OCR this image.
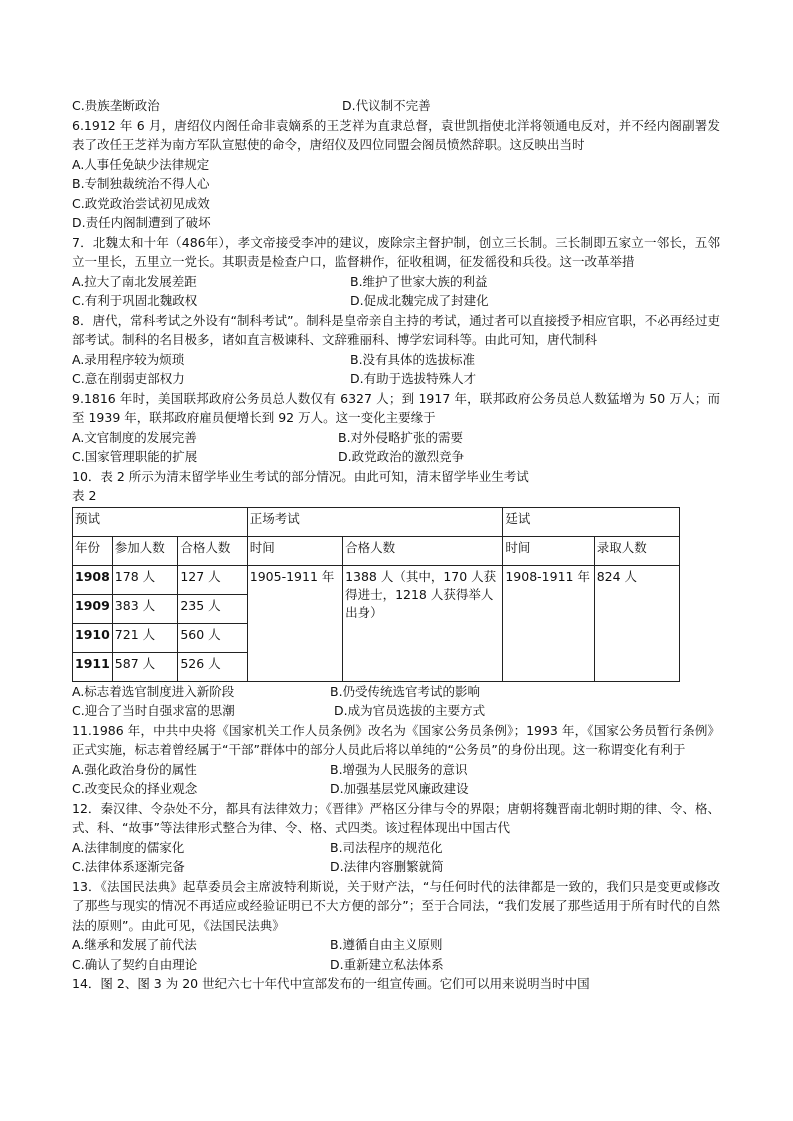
C.贵族垄断政治	D.代议制不完善
6.1912 年 6 月，唐绍仪内阁任命非袁嫡系的王芝祥为直隶总督，袁世凯指使北洋将领通电反对，并不经内阁副署发表了改任王芝祥为南方军队宣慰使的命令，唐绍仪及四位同盟会阁员愤然辞职。这反映出当时
A.人事任免缺少法律规定
B.专制独裁统治不得人心
C.政党政治尝试初见成效
D.责任内阁制遭到了破坏
7．北魏太和十年（486年），孝文帝接受李冲的建议，废除宗主督护制，创立三长制。三长制即五家立一邻长，五邻立一里长，五里立一党长。其职责是检查户口，监督耕作，征收租调，征发徭役和兵役。这一改革举措
A.拉大了南北发展差距	B.维护了世家大族的利益
C.有利于巩固北魏政权	D.促成北魏完成了封建化
8．唐代，常科考试之外设有“制科考试”。制科是皇帝亲自主持的考试，通过者可以直接授予相应官职，不必再经过吏部考试。制科的名目极多，诸如直言极谏科、文辞雅丽科、博学宏词科等。由此可知，唐代制科
A.录用程序较为烦琐	B.没有具体的选拔标准
C.意在削弱吏部权力	D.有助于选拔特殊人才
9.1816 年时，美国联邦政府公务员总人数仅有 6327 人；到 1917 年，联邦政府公务员总人数猛增为 50 万人；而至 1939 年，联邦政府雇员便增长到 92 万人。这一变化主要缘于
A.文官制度的发展完善	B.对外侵略扩张的需要
C.国家管理职能的扩展	D.政党政治的激烈竞争
10．表 2 所示为清末留学毕业生考试的部分情况。由此可知，清末留学毕业生考试
表 2
预试			正场考试		廷试	
年份	参加人数	合格人数	时间	合格人数	时间	录取人数
1908	178 人	127 人	1905-1911 年	1388 人（其中，170 人获得进士，1218 人获得举人出身）	1908-1911 年	824 人
1909	383 人	235 人				
1910	721 人	560 人				
1911	587 人	526 人				
A.标志着选官制度进入新阶段	B.仍受传统选官考试的影响
C.迎合了当时自强求富的思潮	D.成为官员选拔的主要方式
11.1986 年，中共中央将《国家机关工作人员条例》改名为《国家公务员条例》；1993 年，《国家公务员暂行条例》正式实施，标志着曾经属于“干部”群体中的部分人员此后将以单纯的“公务员”的身份出现。这一称谓变化有利于
A.强化政治身份的属性	B.增强为人民服务的意识
C.改变民众的择业观念	D.加强基层党风廉政建设
12．秦汉律、令杂处不分，都具有法律效力；《晋律》严格区分律与令的界限；唐朝将魏晋南北朝时期的律、令、格、式、科、“故事”等法律形式整合为律、令、格、式四类。该过程体现出中国古代
A.法律制度的儒家化	B.司法程序的规范化
C.法律体系逐渐完备	D.法律内容删繁就简
13．《法国民法典》起草委员会主席波特利斯说，关于财产法，“与任何时代的法律都是一致的，我们只是变更或修改了那些与现实的情况不再适应或经验证明已不大方便的部分”；至于合同法，“我们发展了那些适用于所有时代的自然法的原则”。由此可见，《法国民法典》
A.继承和发展了前代法	B.遵循自由主义原则
C.确认了契约自由理论	D.重新建立私法体系
14．图 2、图 3 为 20 世纪六七十年代中宣部发布的一组宣传画。它们可以用来说明当时中国
